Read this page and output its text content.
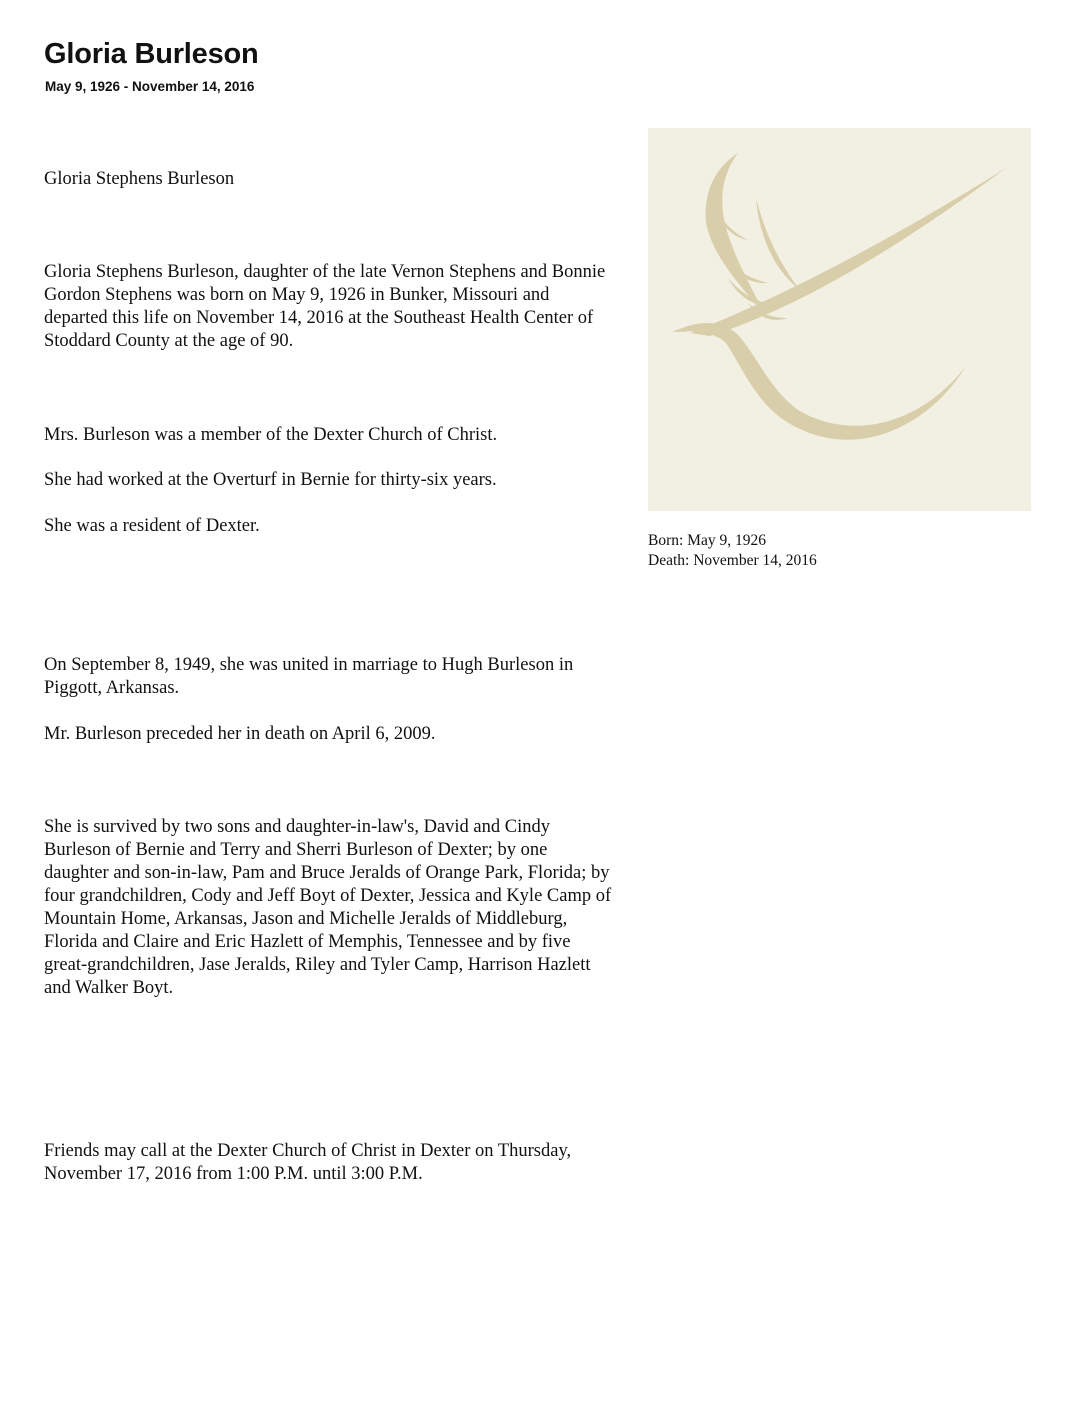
Gloria Burleson
May 9, 1926 - November 14, 2016

Gloria Stephens Burleson

Gloria Stephens Burleson, daughter of the late Vernon Stephens and Bonnie Gordon Stephens was born on May 9, 1926 in Bunker, Missouri and departed this life on November 14, 2016 at the Southeast Health Center of Stoddard County at the age of 90.

Mrs. Burleson was a member of the Dexter Church of Christ.

She had worked at the Overturf in Bernie for thirty-six years.

She was a resident of Dexter.

On September 8, 1949, she was united in marriage to Hugh Burleson in Piggott, Arkansas.

Mr. Burleson preceded her in death on April 6, 2009.

She is survived by two sons and daughter-in-law's, David and Cindy Burleson of Bernie and Terry and Sherri Burleson of Dexter; by one daughter and son-in-law, Pam and Bruce Jeralds of Orange Park, Florida; by four grandchildren, Cody and Jeff Boyt of Dexter, Jessica and Kyle Camp of Mountain Home, Arkansas, Jason and Michelle Jeralds of Middleburg, Florida and Claire and Eric Hazlett of Memphis, Tennessee and by five great-grandchildren, Jase Jeralds, Riley and Tyler Camp, Harrison Hazlett and Walker Boyt.

Friends may call at the Dexter Church of Christ in Dexter on Thursday, November 17, 2016 from 1:00 P.M. until 3:00 P.M.

Born: May 9, 1926
Death: November 14, 2016
